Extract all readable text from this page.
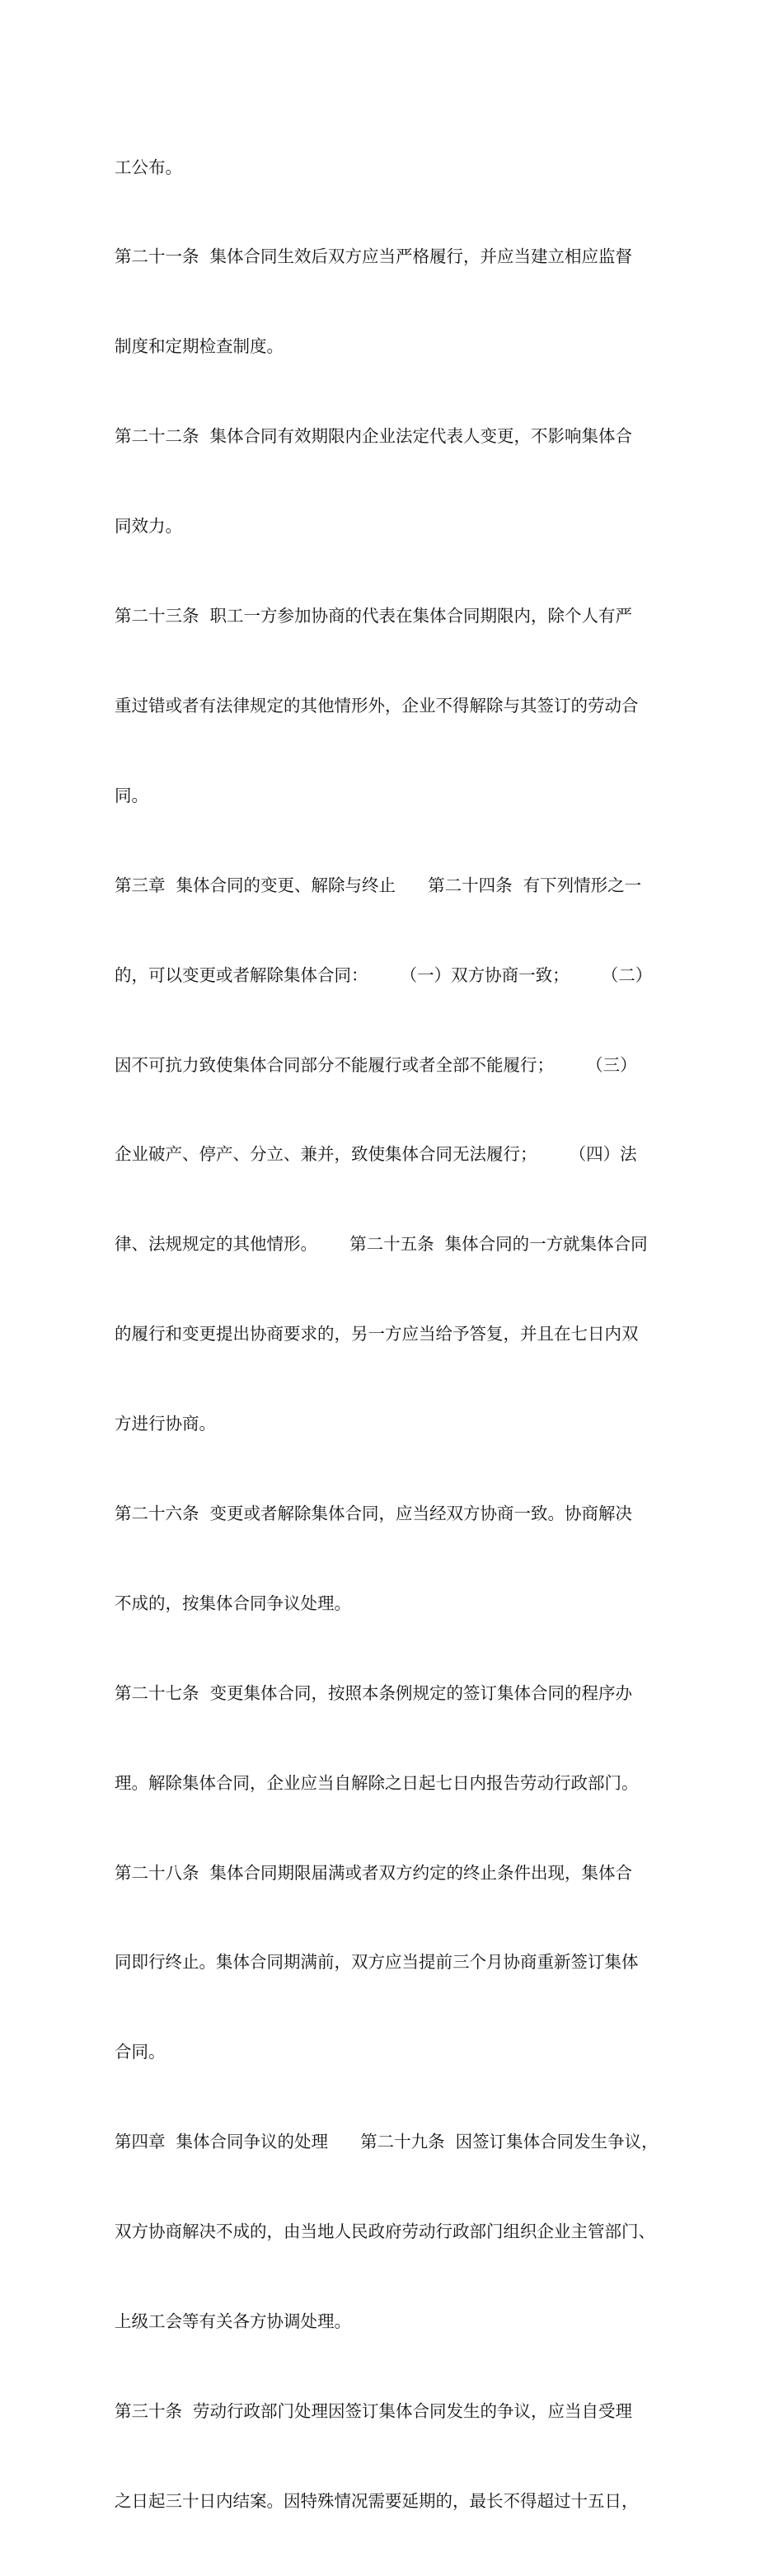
工公布。

第二十一条  集体合同生效后双方应当严格履行，并应当建立相应监督

制度和定期检查制度。

第二十二条  集体合同有效期限内企业法定代表人变更，不影响集体合

同效力。

第二十三条  职工一方参加协商的代表在集体合同期限内，除个人有严

重过错或者有法律规定的其他情形外，企业不得解除与其签订的劳动合

同。

第三章  集体合同的变更、解除与终止      第二十四条  有下列情形之一

的，可以变更或者解除集体合同：      （一）双方协商一致；      （二）

因不可抗力致使集体合同部分不能履行或者全部不能履行；      （三）

企业破产、停产、分立、兼并，致使集体合同无法履行；      （四）法

律、法规规定的其他情形。      第二十五条  集体合同的一方就集体合同

的履行和变更提出协商要求的，另一方应当给予答复，并且在七日内双

方进行协商。

第二十六条  变更或者解除集体合同，应当经双方协商一致。协商解决

不成的，按集体合同争议处理。

第二十七条  变更集体合同，按照本条例规定的签订集体合同的程序办

理。解除集体合同，企业应当自解除之日起七日内报告劳动行政部门。

第二十八条  集体合同期限届满或者双方约定的终止条件出现，集体合

同即行终止。集体合同期满前，双方应当提前三个月协商重新签订集体

合同。

第四章  集体合同争议的处理      第二十九条  因签订集体合同发生争议，

双方协商解决不成的，由当地人民政府劳动行政部门组织企业主管部门、

上级工会等有关各方协调处理。

第三十条  劳动行政部门处理因签订集体合同发生的争议，应当自受理

之日起三十日内结案。因特殊情况需要延期的，最长不得超过十五日，
